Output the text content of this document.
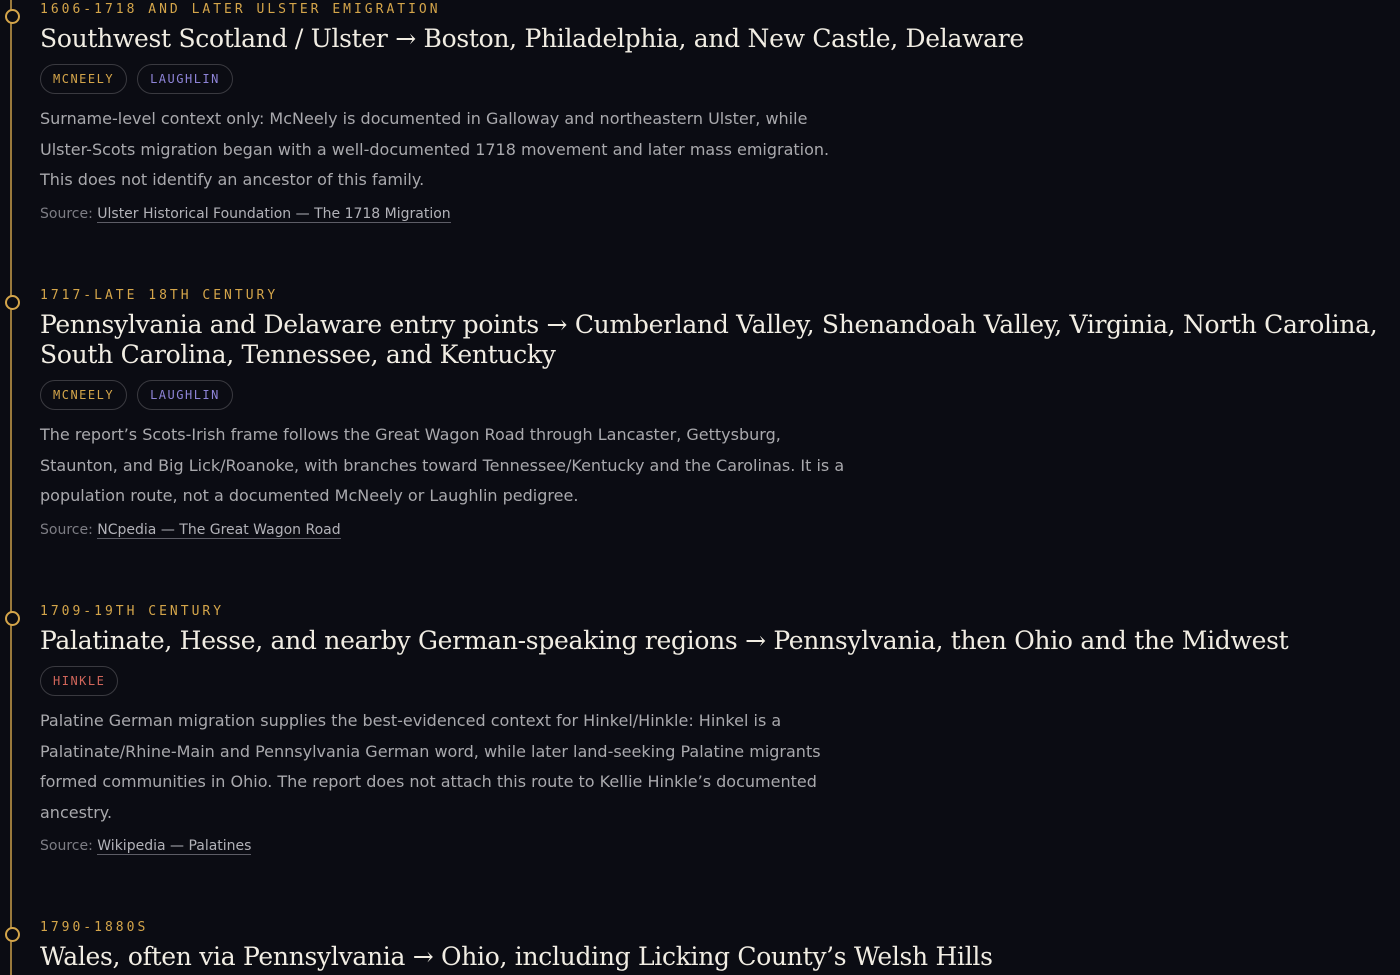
1606-1718 AND LATER ULSTER EMIGRATION
Southwest Scotland / Ulster → Boston, Philadelphia, and New Castle, Delaware
MCNEELY	LAUGHLIN
Surname-level context only: McNeely is documented in Galloway and northeastern Ulster, while Ulster-Scots migration began with a well-documented 1718 movement and later mass emigration. This does not identify an ancestor of this family.
Source: Ulster Historical Foundation — The 1718 Migration
1717-LATE 18TH CENTURY
Pennsylvania and Delaware entry points → Cumberland Valley, Shenandoah Valley, Virginia, North Carolina, South Carolina, Tennessee, and Kentucky
MCNEELY	LAUGHLIN
The report’s Scots-Irish frame follows the Great Wagon Road through Lancaster, Gettysburg, Staunton, and Big Lick/Roanoke, with branches toward Tennessee/Kentucky and the Carolinas. It is a population route, not a documented McNeely or Laughlin pedigree.
Source: NCpedia — The Great Wagon Road
1709-19TH CENTURY
Palatinate, Hesse, and nearby German-speaking regions → Pennsylvania, then Ohio and the Midwest
HINKLE
Palatine German migration supplies the best-evidenced context for Hinkel/Hinkle: Hinkel is a Palatinate/Rhine-Main and Pennsylvania German word, while later land-seeking Palatine migrants formed communities in Ohio. The report does not attach this route to Kellie Hinkle’s documented ancestry.
Source: Wikipedia — Palatines
1790-1880S
Wales, often via Pennsylvania → Ohio, including Licking County’s Welsh Hills
